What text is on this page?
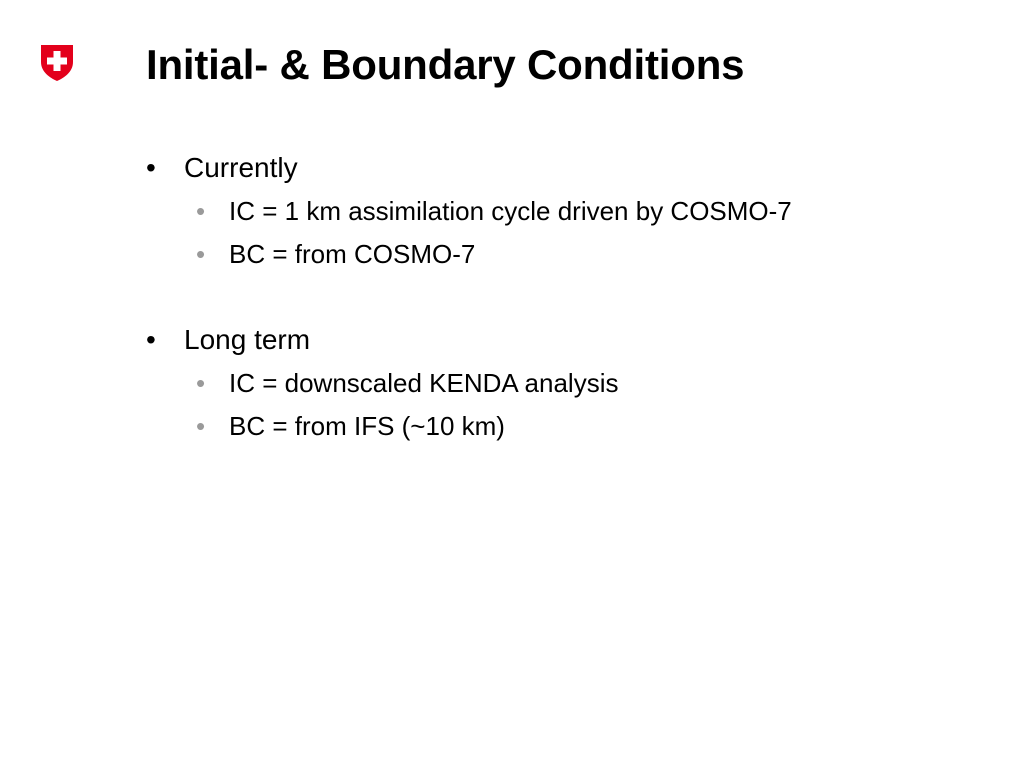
Initial- & Boundary Conditions
•	Currently
• IC = 1 km assimilation cycle driven by COSMO-7
• BC = from COSMO-7
•	Long term
• IC = downscaled KENDA analysis
• BC = from IFS (~10 km)
